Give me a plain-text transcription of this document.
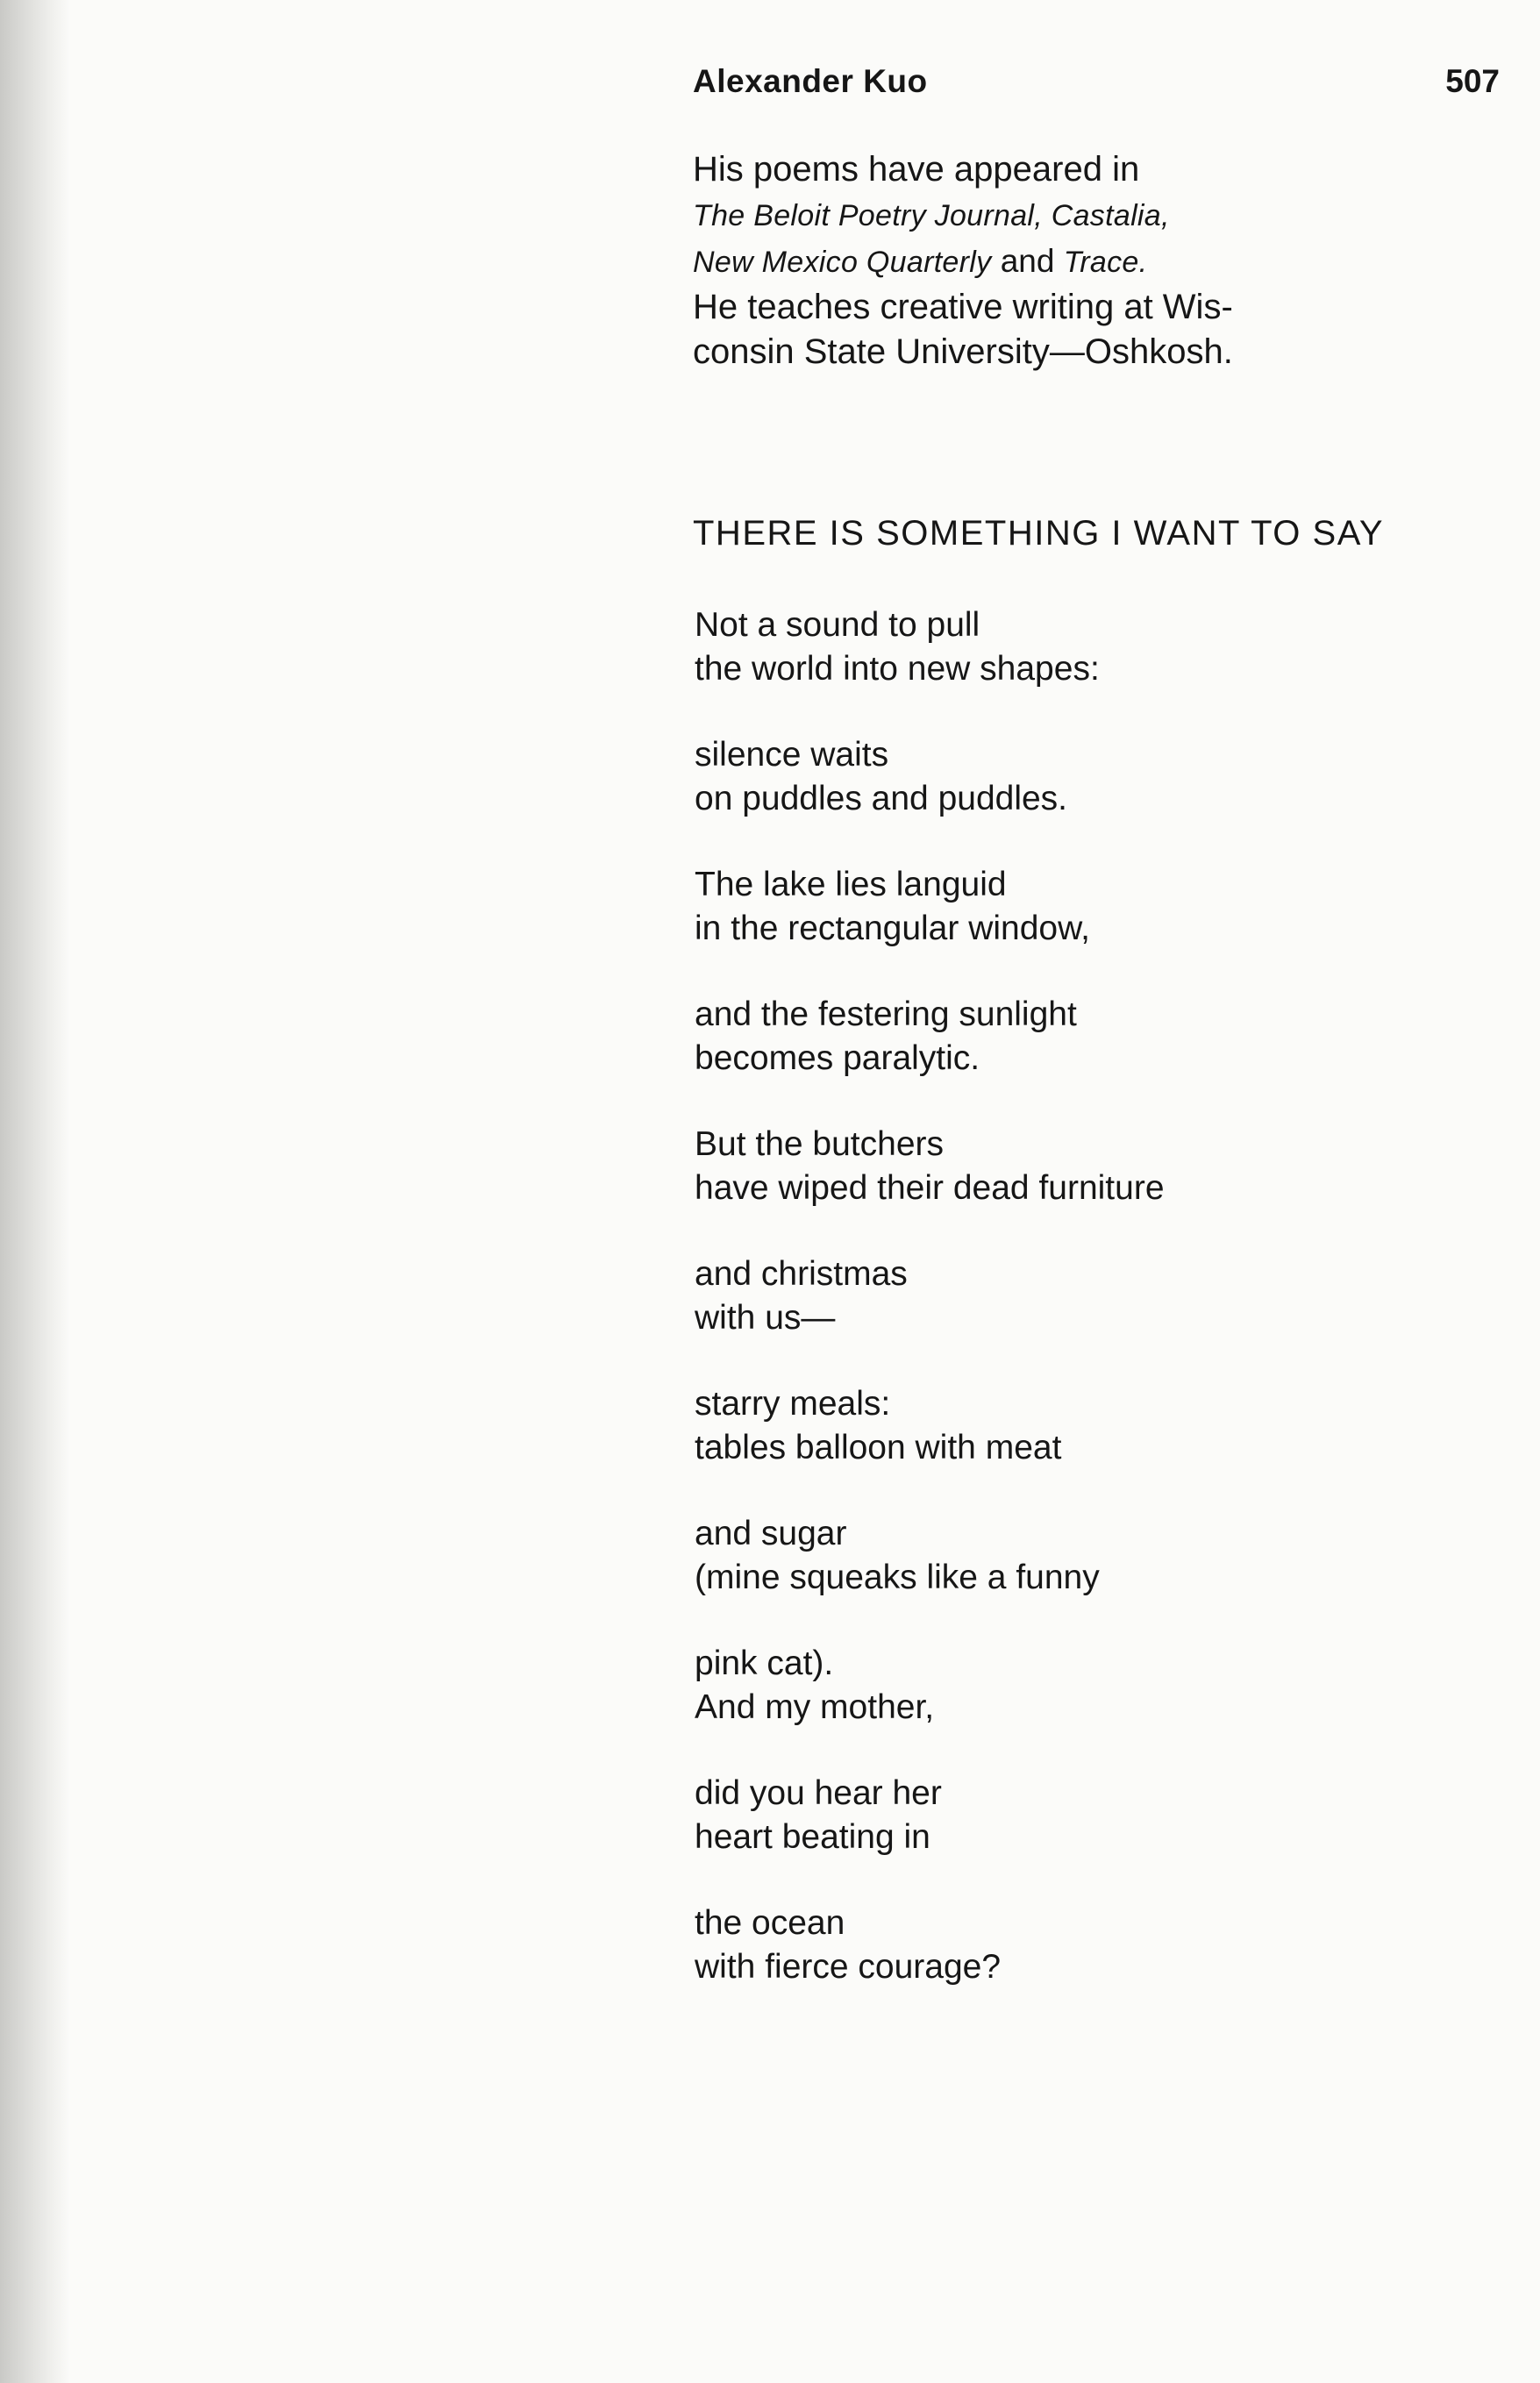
Alexander Kuo	507
His poems have appeared in
The Beloit Poetry Journal, Castalia,
New Mexico Quarterly and Trace.
He teaches creative writing at Wis-
consin State University—Oshkosh.
THERE IS SOMETHING I WANT TO SAY
Not a sound to pull
the world into new shapes:
silence waits
on puddles and puddles.
The lake lies languid
in the rectangular window,
and the festering sunlight
becomes paralytic.
But the butchers
have wiped their dead furniture
and christmas
with us—
starry meals:
tables balloon with meat
and sugar
(mine squeaks like a funny
pink cat).
And my mother,
did you hear her
heart beating in
the ocean
with fierce courage?
